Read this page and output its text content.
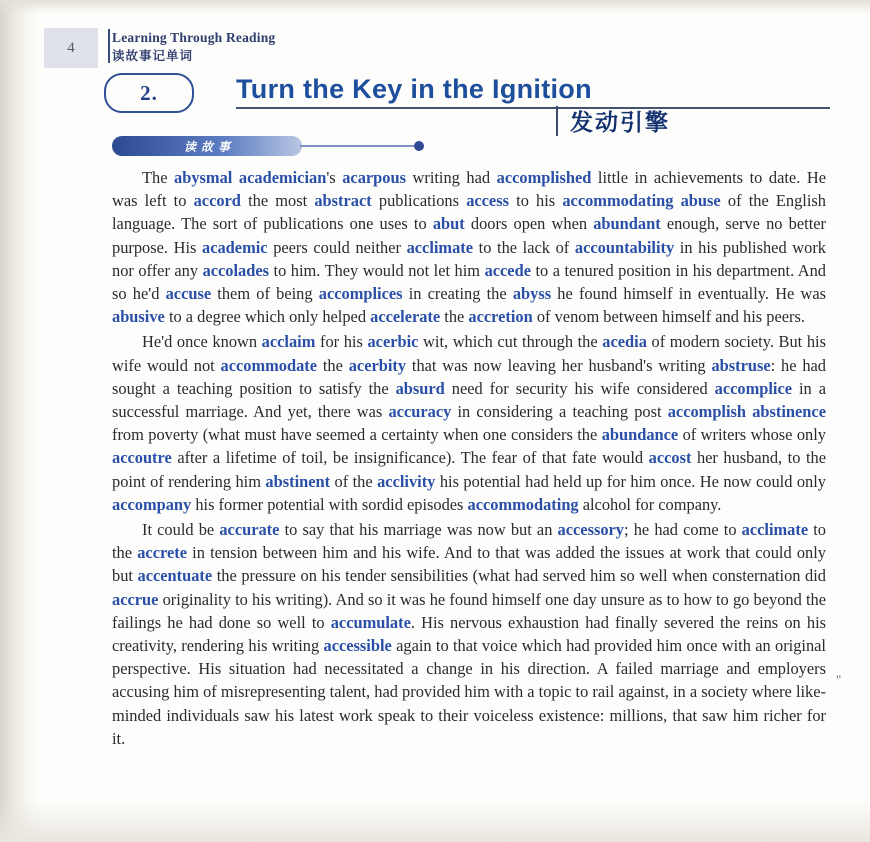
4
Learning Through Reading
读故事记单词
2.	Turn the Key in the Ignition
发动引擎
读故事

The abysmal academician's acarpous writing had accomplished little in achievements to date. He was left to accord the most abstract publications access to his accommodating abuse of the English language. The sort of publications one uses to abut doors open when abundant enough, serve no better purpose. His academic peers could neither acclimate to the lack of accountability in his published work nor offer any accolades to him. They would not let him accede to a tenured position in his department. And so he'd accuse them of being accomplices in creating the abyss he found himself in eventually. He was abusive to a degree which only helped accelerate the accretion of venom between himself and his peers.

He'd once known acclaim for his acerbic wit, which cut through the acedia of modern society. But his wife would not accommodate the acerbity that was now leaving her husband's writing abstruse: he had sought a teaching position to satisfy the absurd need for security his wife considered accomplice in a successful marriage. And yet, there was accuracy in considering a teaching post accomplish abstinence from poverty (what must have seemed a certainty when one considers the abundance of writers whose only accoutre after a lifetime of toil, be insignificance). The fear of that fate would accost her husband, to the point of rendering him abstinent of the acclivity his potential had held up for him once. He now could only accompany his former potential with sordid episodes accommodating alcohol for company.

It could be accurate to say that his marriage was now but an accessory; he had come to acclimate to the accrete in tension between him and his wife. And to that was added the issues at work that could only but accentuate the pressure on his tender sensibilities (what had served him so well when consternation did accrue originality to his writing). And so it was he found himself one day unsure as to how to go beyond the failings he had done so well to accumulate. His nervous exhaustion had finally severed the reins on his creativity, rendering his writing accessible again to that voice which had provided him once with an original perspective. His situation had necessitated a change in his direction. A failed marriage and employers accusing him of misrepresenting talent, had provided him with a topic to rail against, in a society where like-minded individuals saw his latest work speak to their voiceless existence: millions, that saw him richer for it.

"
